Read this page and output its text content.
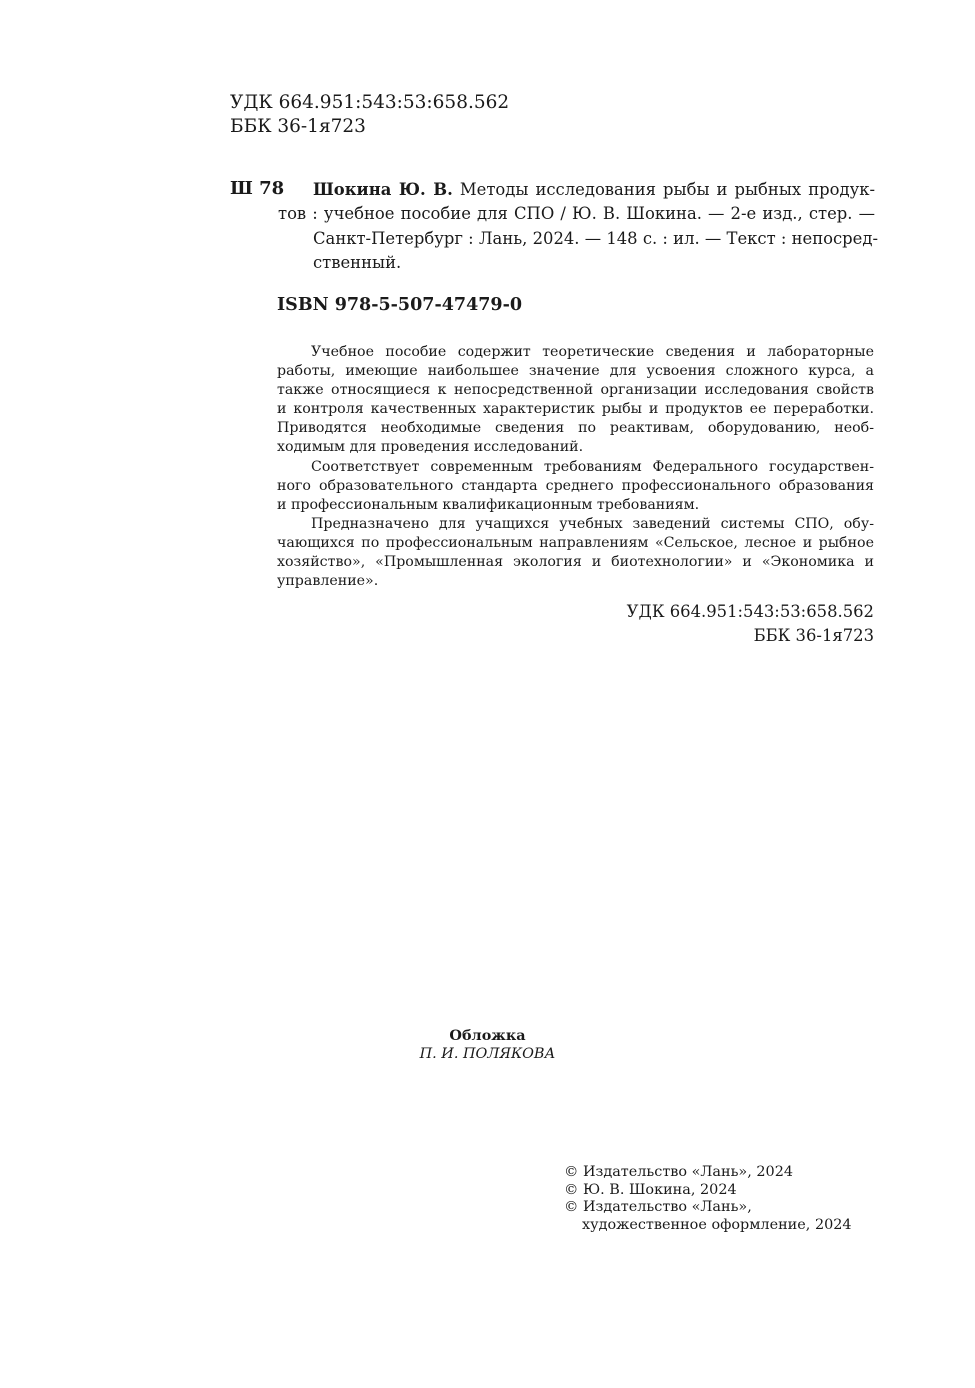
УДК 664.951:543:53:658.562
ББК 36-1я723
Ш 78 Шокина Ю. В. Методы исследования рыбы и рыбных продук-
тов : учебное пособие для СПО / Ю. В. Шокина. — 2-е изд., стер. —
Санкт-Петербург : Лань, 2024. — 148 с. : ил. — Текст : непосред-
ственный.
ISBN 978-5-507-47479-0
Учебное пособие содержит теоретические сведения и лабораторные
работы, имеющие наибольшее значение для усвоения сложного курса, а
также относящиеся к непосредственной организации исследования свойств
и контроля качественных характеристик рыбы и продуктов ее переработки.
Приводятся необходимые сведения по реактивам, оборудованию, необ-
ходимым для проведения исследований.
Соответствует современным требованиям Федерального государствен-
ного образовательного стандарта среднего профессионального образования
и профессиональным квалификационным требованиям.
Предназначено для учащихся учебных заведений системы СПО, обу-
чающихся по профессиональным направлениям «Сельское, лесное и рыбное
хозяйство», «Промышленная экология и биотехнологии» и «Экономика и
управление».
УДК 664.951:543:53:658.562
ББК 36-1я723
Обложка
П. И. ПОЛЯКОВА
© Издательство «Лань», 2024
© Ю. В. Шокина, 2024
© Издательство «Лань»,
художественное оформление, 2024
